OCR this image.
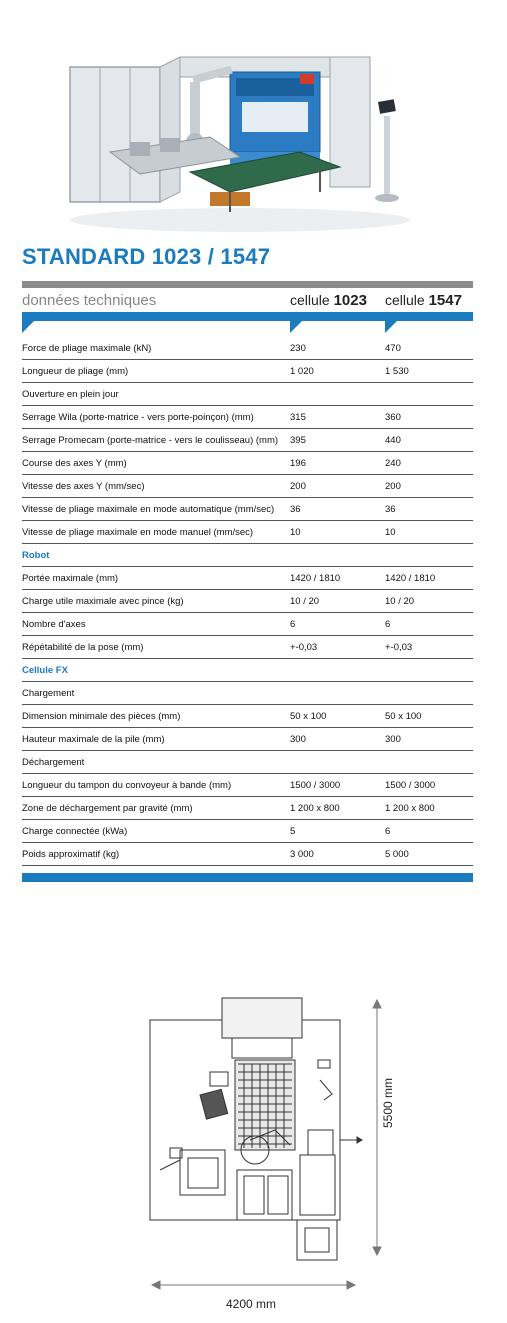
STANDARD 1023 / 1547
données techniques	cellule 1023 cellule 1547
Force de pliage maximale (kN)	230	470
Longueur de pliage (mm)	1 020	1 530
Ouverture en plein jour
Serrage Wila (porte-matrice - vers porte-poinçon) (mm)	315	360
Serrage Promecam (porte-matrice - vers le coulisseau) (mm) 395	440
Course des axes Y (mm)	196	240
Vitesse des axes Y (mm/sec)	200	200
Vitesse de pliage maximale en mode automatique (mm/sec) 36	36
Vitesse de pliage maximale en mode manuel (mm/sec)	10	10
Robot
Portée maximale (mm)	1420 / 1810	1420 / 1810
Charge utile maximale avec pince (kg)	10 / 20	10 / 20
Nombre d'axes	6	6
Répétabilité de la pose (mm)	+-0,03	+-0,03
Cellule FX
Chargement
Dimension minimale des pièces (mm)	50 x 100	50 x 100
Hauteur maximale de la pile (mm)	300	300
Déchargement
Longueur du tampon du convoyeur à bande (mm)	1500 / 3000	1500 / 3000
Zone de déchargement par gravité (mm)	1 200 x 800	1 200 x 800
Charge connectée (kWa)	5	6
Poids approximatif (kg)	3 000	5 000
4200 mm
5500 mm
